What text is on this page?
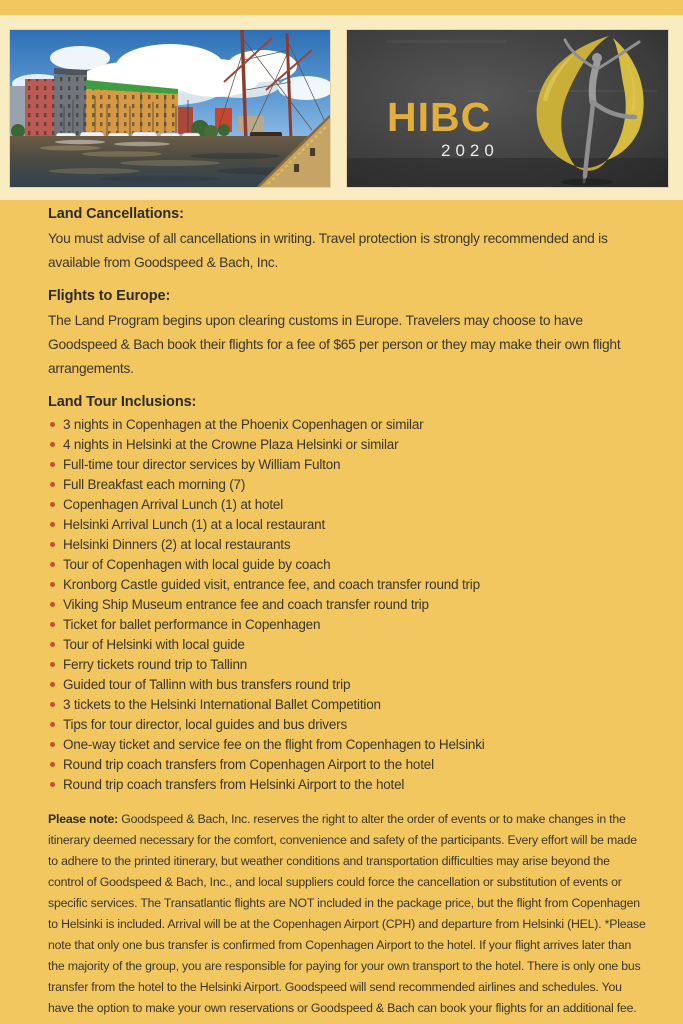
HIBC
2020
Land Cancellations:

You must advise of all cancellations in writing. Travel protection is strongly recommended and is available from Goodspeed & Bach, Inc.

Flights to Europe:

The Land Program begins upon clearing customs in Europe. Travelers may choose to have Goodspeed & Bach book their flights for a fee of $65 per person or they may make their own flight arrangements.

Land Tour Inclusions:
3 nights in Copenhagen at the Phoenix Copenhagen or similar
4 nights in Helsinki at the Crowne Plaza Helsinki or similar
Full-time tour director services by William Fulton
Full Breakfast each morning (7)
Copenhagen Arrival Lunch (1) at hotel
Helsinki Arrival Lunch (1) at a local restaurant
Helsinki Dinners (2) at local restaurants
Tour of Copenhagen with local guide by coach
Kronborg Castle guided visit, entrance fee, and coach transfer round trip
Viking Ship Museum entrance fee and coach transfer round trip
Ticket for ballet performance in Copenhagen
Tour of Helsinki with local guide
Ferry tickets round trip to Tallinn
Guided tour of Tallinn with bus transfers round trip
3 tickets to the Helsinki International Ballet Competition
Tips for tour director, local guides and bus drivers
One-way ticket and service fee on the flight from Copenhagen to Helsinki
Round trip coach transfers from Copenhagen Airport to the hotel
Round trip coach transfers from Helsinki Airport to the hotel

Please note: Goodspeed & Bach, Inc. reserves the right to alter the order of events or to make changes in the itinerary deemed necessary for the comfort, convenience and safety of the participants. Every effort will be made to adhere to the printed itinerary, but weather conditions and transportation difficulties may arise beyond the control of Goodspeed & Bach, Inc., and local suppliers could force the cancellation or substitution of events or specific services. The Transatlantic flights are NOT included in the package price, but the flight from Copenhagen to Helsinki is included. Arrival will be at the Copenhagen Airport (CPH) and departure from Helsinki (HEL). *Please note that only one bus transfer is confirmed from Copenhagen Airport to the hotel. If your flight arrives later than the majority of the group, you are responsible for paying for your own transport to the hotel. There is only one bus transfer from the hotel to the Helsinki Airport. Goodspeed will send recommended airlines and schedules. You have the option to make your own reservations or Goodspeed & Bach can book your flights for an additional fee.
